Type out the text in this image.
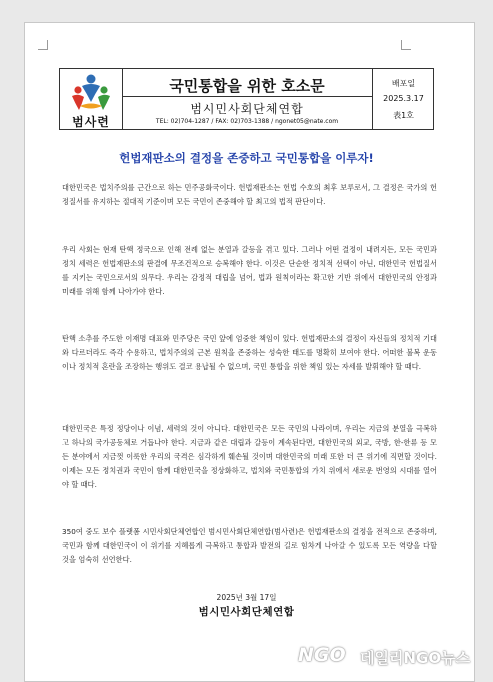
범사련
국민통합을 위한 호소문
범시민사회단체연합
TEL: 02)704-1287 / FAX: 02)703-1388 / ngonet05@nate.com
배포일
2025.3.17
表1호
헌법재판소의 결정을 존중하고 국민통합을 이루자!

대한민국은 법치주의를 근간으로 하는 민주공화국이다. 헌법재판소는 헌법 수호의 최후 보루로서, 그 결정은 국가의 헌정질서를 유지하는 절대적 기준이며 모든 국민이 존중해야 할 최고의 법적 판단이다.

우리 사회는 현재 탄핵 정국으로 인해 전례 없는 분열과 갈등을 겪고 있다. 그러나 어떤 결정이 내려지든, 모든 국민과 정치 세력은 헌법재판소의 판결에 무조건적으로 승복해야 한다. 이것은 단순한 정치적 선택이 아닌, 대한민국 헌법질서를 지키는 국민으로서의 의무다. 우리는 감정적 대립을 넘어, 법과 원칙이라는 확고한 기반 위에서 대한민국의 안정과 미래를 위해 함께 나아가야 한다.

탄핵 소추를 주도한 이재명 대표와 민주당은 국민 앞에 엄중한 책임이 있다. 헌법재판소의 결정이 자신들의 정치적 기대와 다르더라도 즉각 수용하고, 법치주의의 근본 원칙을 존중하는 성숙한 태도를 명확히 보여야 한다. 어떠한 불복 운동이나 정치적 혼란을 조장하는 행위도 결코 용납될 수 없으며, 국민 통합을 위한 책임 있는 자세를 발휘해야 할 때다.

대한민국은 특정 정당이나 이념, 세력의 것이 아니다. 대한민국은 모든 국민의 나라이며, 우리는 지금의 분열을 극복하고 하나의 국가공동체로 거듭나야 한다. 지금과 같은 대립과 갈등이 계속된다면, 대한민국의 외교, 국방, 한-한류 등 모든 분야에서 지금껏 이룩한 우리의 국격은 심각하게 훼손될 것이며 대한민국의 미래 또한 더 큰 위기에 직면할 것이다. 이제는 모든 정치권과 국민이 함께 대한민국을 정상화하고, 법치와 국민통합의 가치 위에서 새로운 번영의 시대를 열어야 할 때다.

350여 중도 보수 플랫폼 시민사회단체연합인 범시민사회단체연합(범사련)은 헌법재판소의 결정을 전적으로 존중하며, 국민과 함께 대한민국이 이 위기를 지혜롭게 극복하고 통합과 발전의 길로 힘차게 나아갈 수 있도록 모든 역량을 다할 것을 엄숙히 선언한다.

2025년 3월 17일
범시민사회단체연합
NGO 데일리NGO뉴스
